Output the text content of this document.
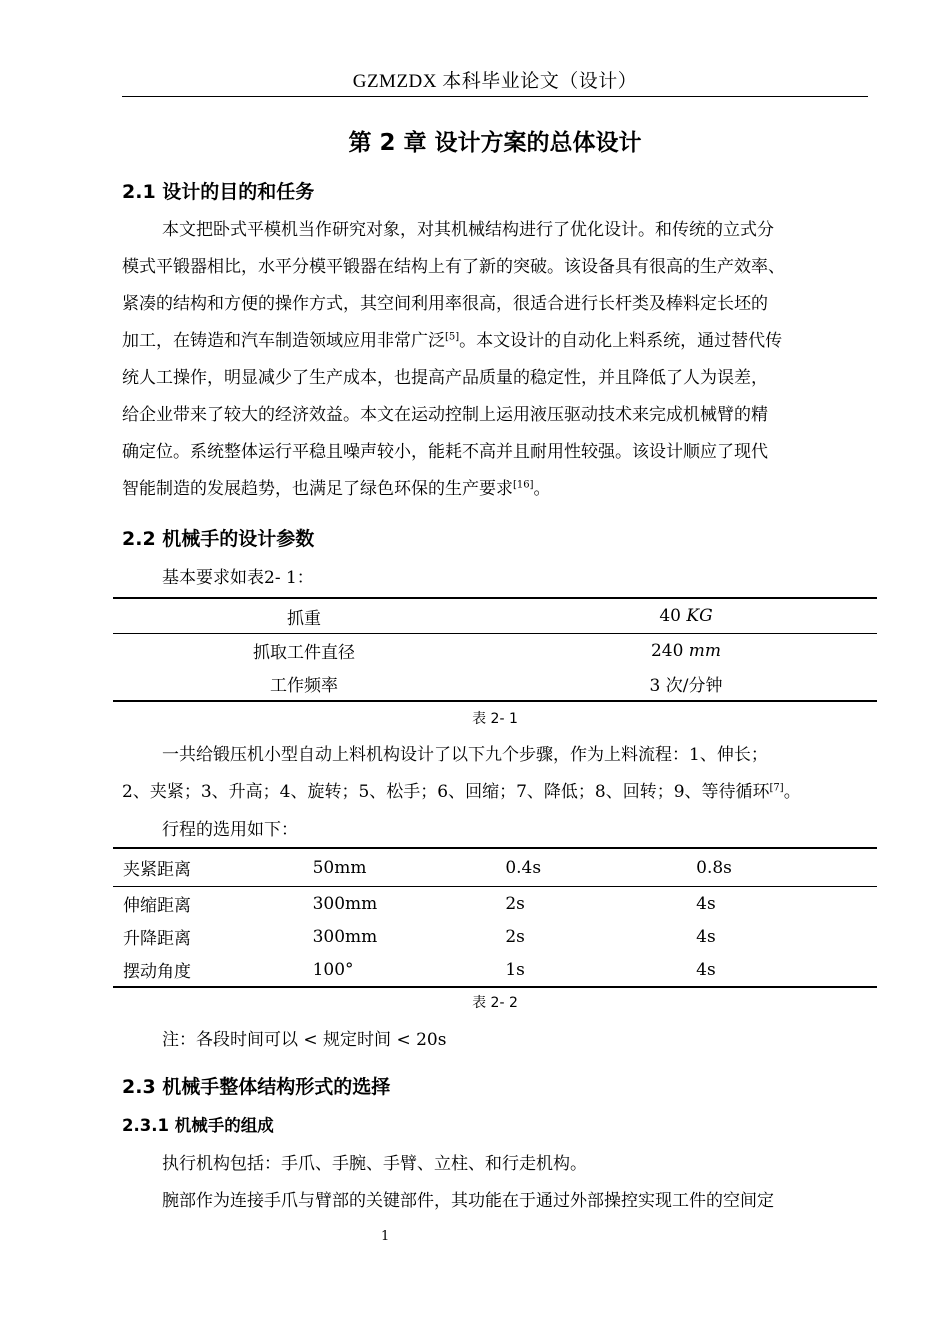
GZMZDX 本科毕业论文（设计）
第 2 章 设计方案的总体设计
2.1 设计的目的和任务
本文把卧式平模机当作研究对象，对其机械结构进行了优化设计。和传统的立式分
模式平锻器相比，水平分模平锻器在结构上有了新的突破。该设备具有很高的生产效率、
紧凑的结构和方便的操作方式，其空间利用率很高，很适合进行长杆类及棒料定长坯的
加工，在铸造和汽车制造领域应用非常广泛[5]。本文设计的自动化上料系统，通过替代传
统人工操作，明显减少了生产成本，也提高产品质量的稳定性，并且降低了人为误差，
给企业带来了较大的经济效益。本文在运动控制上运用液压驱动技术来完成机械臂的精
确定位。系统整体运行平稳且噪声较小，能耗不高并且耐用性较强。该设计顺应了现代
智能制造的发展趋势，也满足了绿色环保的生产要求[16]。
2.2 机械手的设计参数
基本要求如表2- 1：
抓重	40 KG
抓取工件直径	240 mm
工作频率	3 次/分钟
表 2- 1
一共给锻压机小型自动上料机构设计了以下九个步骤，作为上料流程：1、伸长；
2、夹紧；3、升高；4、旋转；5、松手；6、回缩；7、降低；8、回转；9、等待循环[7]。
行程的选用如下：
夹紧距离	50mm	0.4s	0.8s
伸缩距离	300mm	2s	4s
升降距离	300mm	2s	4s
摆动角度	100°	1s	4s
表 2- 2
注：各段时间可以 < 规定时间 < 20s
2.3 机械手整体结构形式的选择
2.3.1 机械手的组成
执行机构包括：手爪、手腕、手臂、立柱、和行走机构。
腕部作为连接手爪与臂部的关键部件，其功能在于通过外部操控实现工件的空间定
1
